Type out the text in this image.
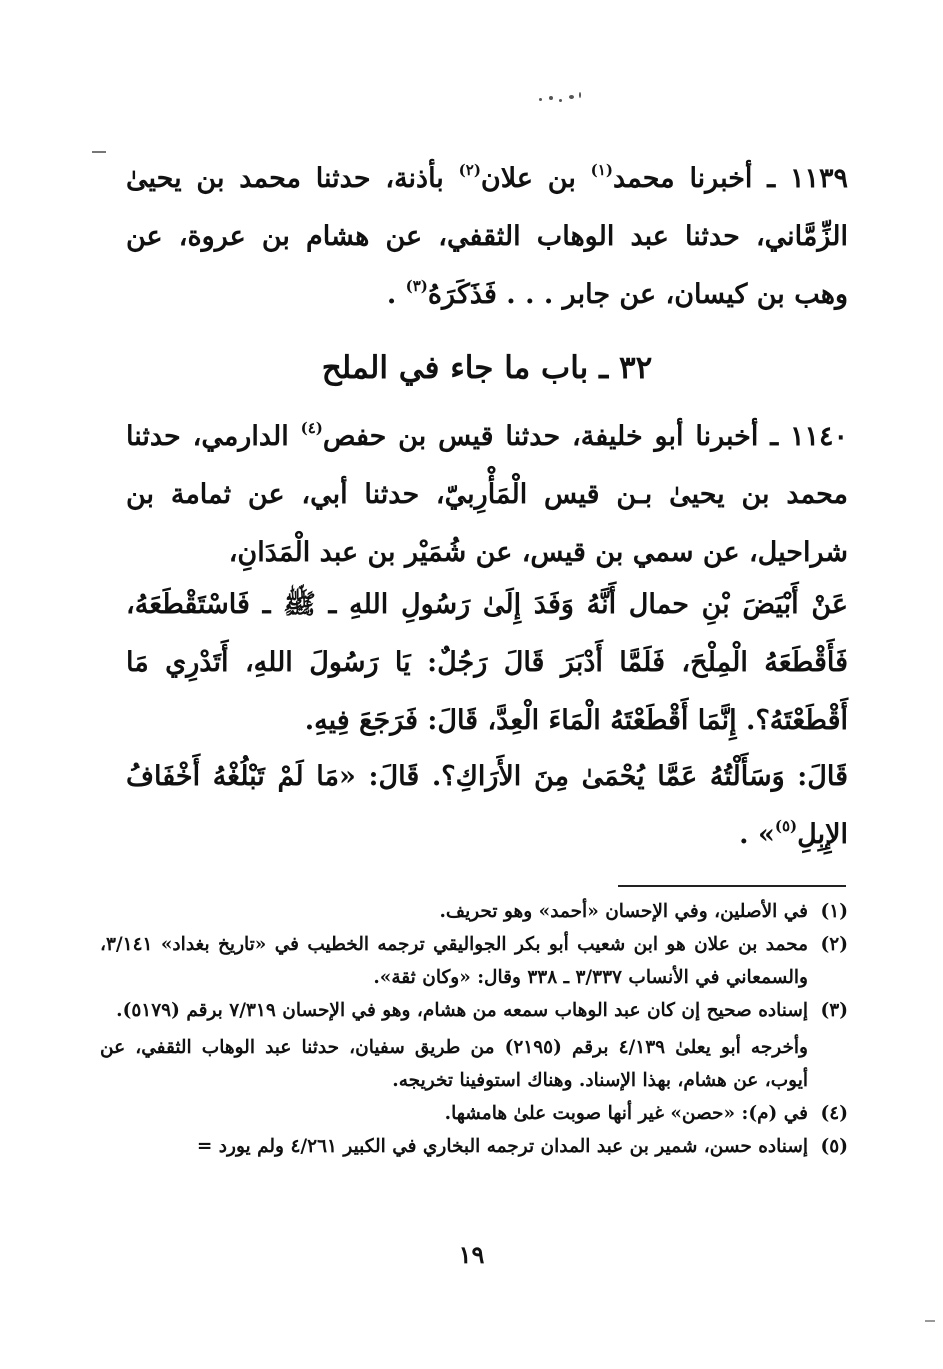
١١٣٩ ـ أخبرنا محمد$^{(١)}$ بن علان$^{(٢)}$ بأذنة، حدثنا محمد بن يحيىٰ الزِّمَّاني، حدثنا عبد الوهاب الثقفي، عن هشام بن عروة، عن وهب بن كيسان، عن جابر . . . فَذَكَرَهُ$^{(٣)}$ .

٣٢ ـ باب ما جاء في الملح

١١٤٠ ـ أخبرنا أبو خليفة، حدثنا قيس بن حفص$^{(٤)}$ الدارمي، حدثنا محمد بن يحيىٰ بـن قيس الْمَأْرِبيّ، حدثنا أبي، عن ثمامة بن شراحيل، عن سمي بن قيس، عن شُمَيْر بن عبد الْمَدَانِ،

عَنْ أَبْيَضَ بْنِ حمال أَنَّهُ وَفَدَ إِلَىٰ رَسُولِ اللهِ ـ ﷺ ـ فَاسْتَقْطَعَهُ، فَأَقْطَعَهُ الْمِلْحَ، فَلَمَّا أَدْبَرَ قَالَ رَجُلٌ: يَا رَسُولَ اللهِ، أَتَدْرِي مَا أَقْطَعْتَهُ؟. إِنَّمَا أَقْطَعْتَهُ الْمَاءَ الْعِدَّ، قَالَ: فَرَجَعَ فِيهِ.

قَالَ: وَسَأَلْتُهُ عَمَّا يُحْمَىٰ مِنَ الأَرَاكِ؟. قَالَ: «مَا لَمْ تَبْلُغْهُ أَخْفَافُ الإِبِلِ$^{(٥)}$» .

(١)
في الأصلين، وفي الإحسان «أحمد» وهو تحريف.
(٢)
محمد بن علان هو ابن شعيب أبو بكر الجواليقي ترجمه الخطيب في «تاريخ بغداد» ٣/١٤١، والسمعاني في الأنساب ٣/٣٣٧ ـ ٣٣٨ وقال: «وكان ثقة».
(٣)
إسناده صحيح إن كان عبد الوهاب سمعه من هشام، وهو في الإحسان ٧/٣١٩ برقم (٥١٧٩).
وأخرجه أبو يعلىٰ ٤/١٣٩ برقم (٢١٩٥) من طريق سفيان، حدثنا عبد الوهاب الثقفي، عن أيوب، عن هشام، بهذا الإسناد. وهناك استوفينا تخريجه.
(٤)
في (م): «حصن» غير أنها صوبت علىٰ هامشها.
(٥)
إسناده حسن، شمير بن عبد المدان ترجمه البخاري في الكبير ٤/٢٦١ ولم يورد =
١٩
